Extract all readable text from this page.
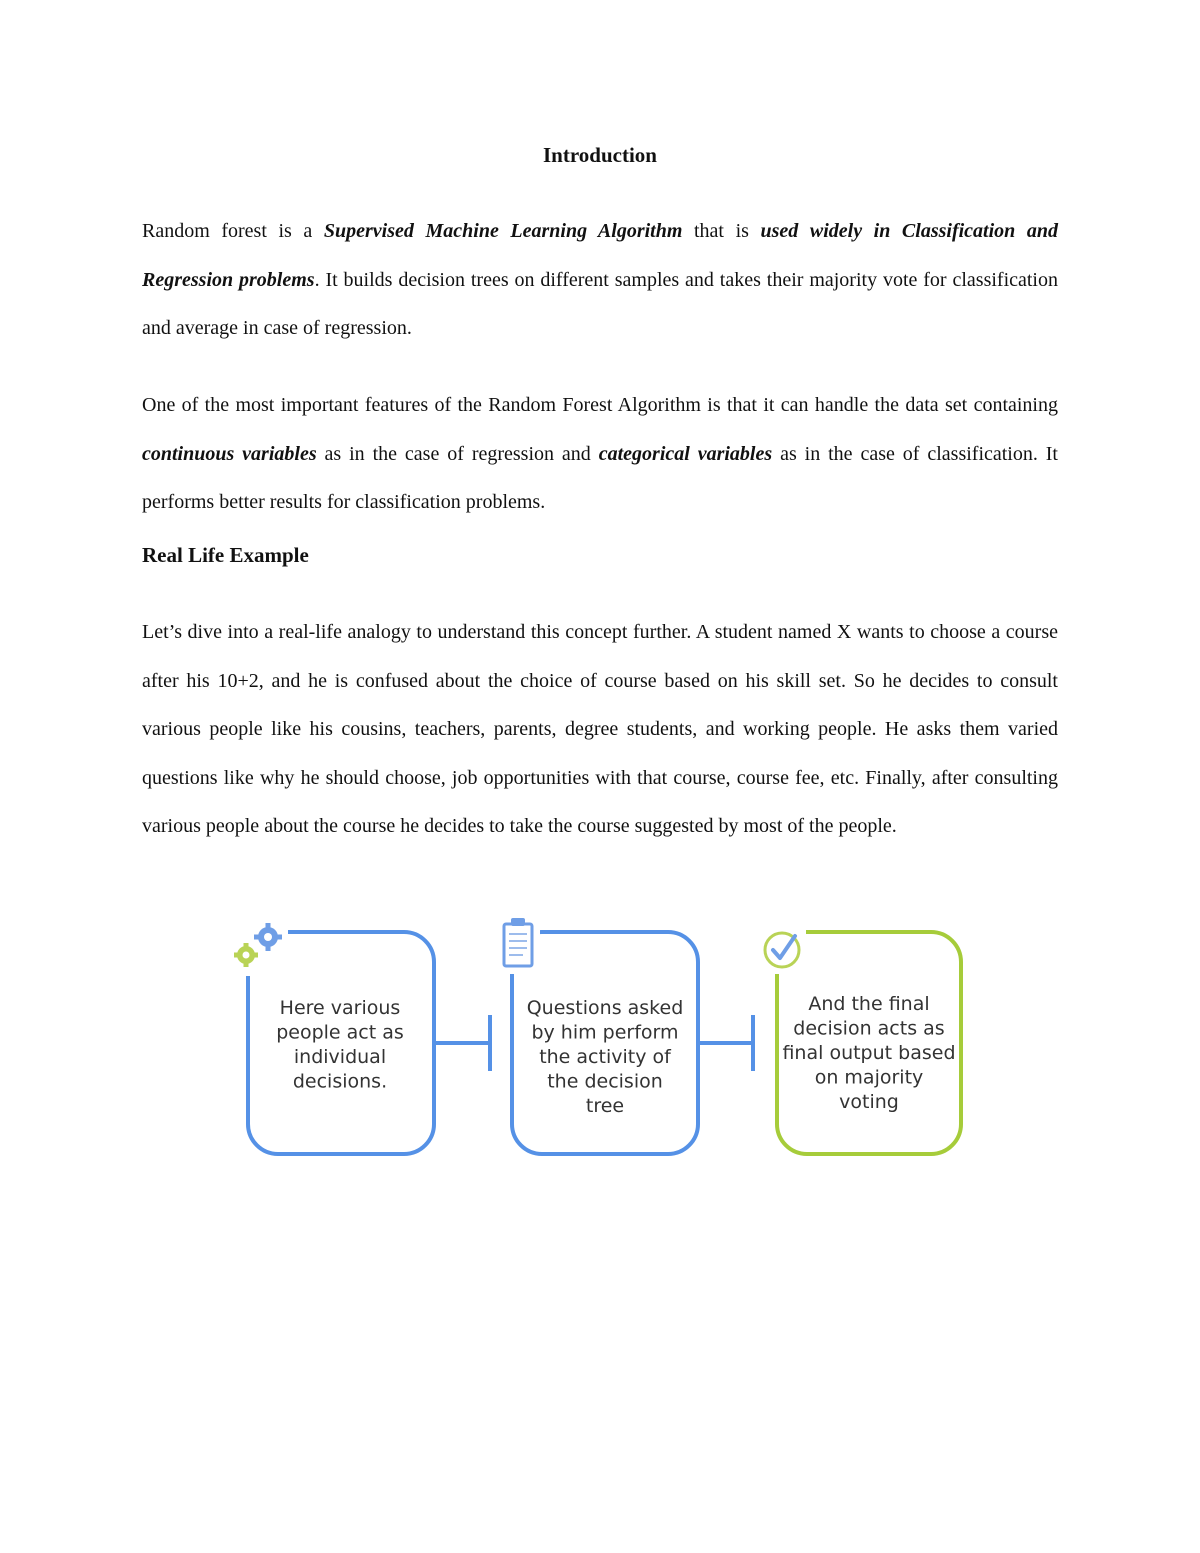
Introduction

Random forest is a Supervised Machine Learning Algorithm that is used widely in Classification and Regression problems. It builds decision trees on different samples and takes their majority vote for classification and average in case of regression.

One of the most important features of the Random Forest Algorithm is that it can handle the data set containing continuous variables as in the case of regression and categorical variables as in the case of classification. It performs better results for classification problems.

Real Life Example

Let’s dive into a real-life analogy to understand this concept further. A student named X wants to choose a course after his 10+2, and he is confused about the choice of course based on his skill set. So he decides to consult various people like his cousins, teachers, parents, degree students, and working people. He asks them varied questions like why he should choose, job opportunities with that course, course fee, etc. Finally, after consulting various people about the course he decides to take the course suggested by most of the people.

Here various people act as individual decisions.
Questions asked by him perform the activity of the decision tree
And the final decision acts as final output based on majority voting
